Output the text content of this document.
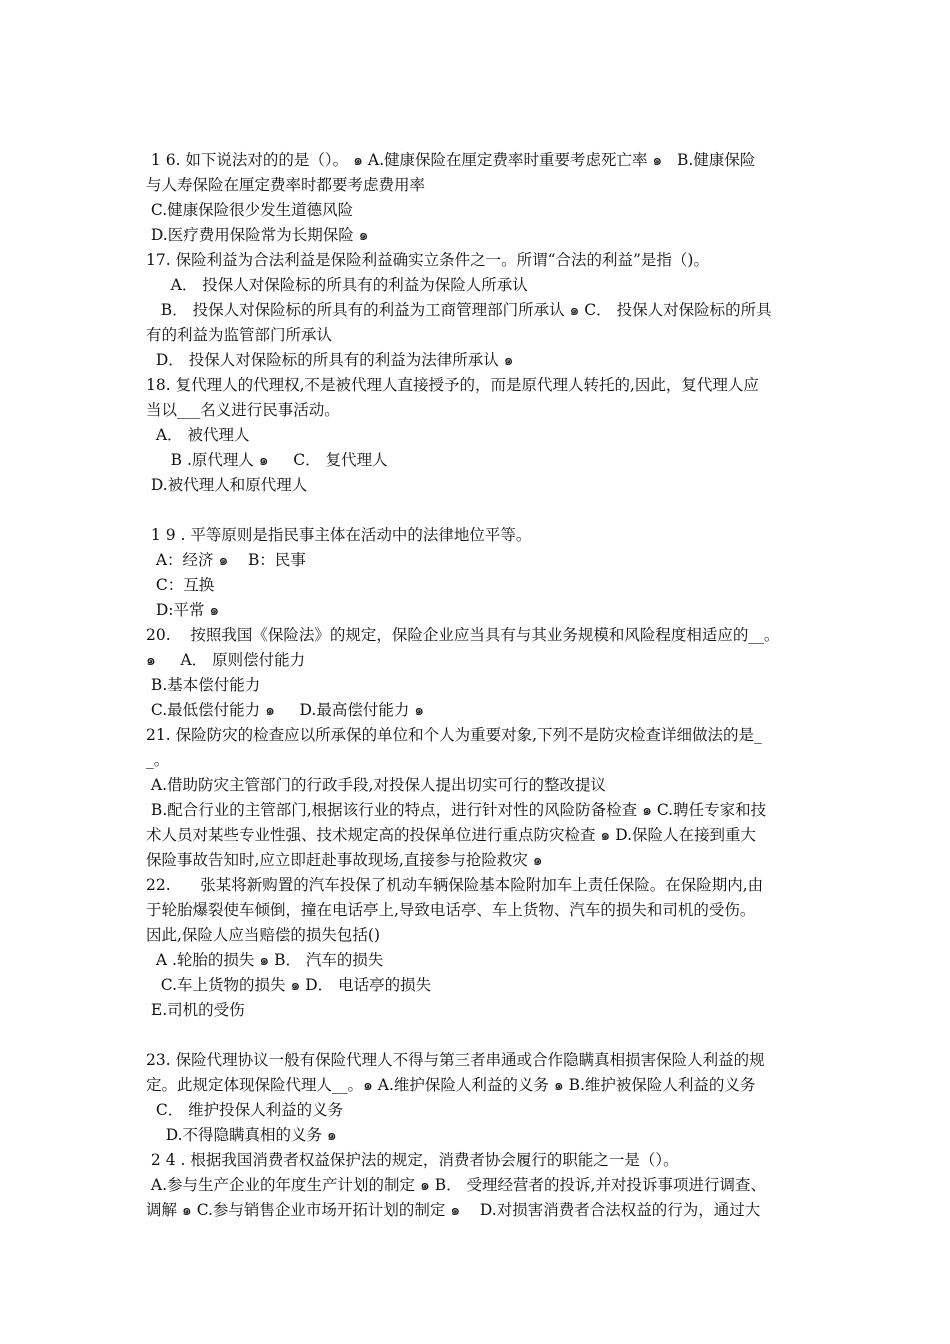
1 6. 如下说法对的的是（）。 ๑ A.健康保险在厘定费率时重要考虑死亡率 ๑   B.健康保险
与人寿保险在厘定费率时都要考虑费用率
C.健康保险很少发生道德风险
D.医疗费用保险常为长期保险 ๑
17. 保险利益为合法利益是保险利益确实立条件之一。所谓“合法的利益”是指（)。
A． 投保人对保险标的所具有的利益为保险人所承认
B． 投保人对保险标的所具有的利益为工商管理部门所承认 ๑ C． 投保人对保险标的所具
有的利益为监管部门所承认
D． 投保人对保险标的所具有的利益为法律所承认 ๑
18. 复代理人的代理权,不是被代理人直接授予的，而是原代理人转托的,因此，复代理人应
当以___名义进行民事活动。
A． 被代理人
B .原代理人 ๑     C． 复代理人
D.被代理人和原代理人
1 9 . 平等原则是指民事主体在活动中的法律地位平等。
A：经济 ๑    B：民事
C：互换
D:平常 ๑
20.    按照我国《保险法》的规定，保险企业应当具有与其业务规模和风险程度相适应的__。
๑     A． 原则偿付能力
B.基本偿付能力
C.最低偿付能力 ๑     D.最高偿付能力 ๑
21. 保险防灾的检查应以所承保的单位和个人为重要对象,下列不是防灾检查详细做法的是_
_。
A.借助防灾主管部门的行政手段,对投保人提出切实可行的整改提议
B.配合行业的主管部门,根据该行业的特点，进行针对性的风险防备检查 ๑ C.聘任专家和技
术人员对某些专业性强、技术规定高的投保单位进行重点防灾检查 ๑ D.保险人在接到重大
保险事故告知时,应立即赶赴事故现场,直接参与抢险救灾 ๑
22.      张某将新购置的汽车投保了机动车辆保险基本险附加车上责任保险。在保险期内,由
于轮胎爆裂使车倾倒，撞在电话亭上,导致电话亭、车上货物、汽车的损失和司机的受伤。
因此,保险人应当赔偿的损失包括()
A .轮胎的损失 ๑ B． 汽车的损失
C.车上货物的损失 ๑ D． 电话亭的损失
E.司机的受伤
23. 保险代理协议一般有保险代理人不得与第三者串通或合作隐瞒真相损害保险人利益的规
定。此规定体现保险代理人__。๑ A.维护保险人利益的义务 ๑ B.维护被保险人利益的义务
C． 维护投保人利益的义务
D.不得隐瞒真相的义务 ๑
2 4 . 根据我国消费者权益保护法的规定，消费者协会履行的职能之一是（）。
A.参与生产企业的年度生产计划的制定 ๑ B． 受理经营者的投诉,并对投诉事项进行调查、
调解 ๑ C.参与销售企业市场开拓计划的制定 ๑    D.对损害消费者合法权益的行为，通过大
